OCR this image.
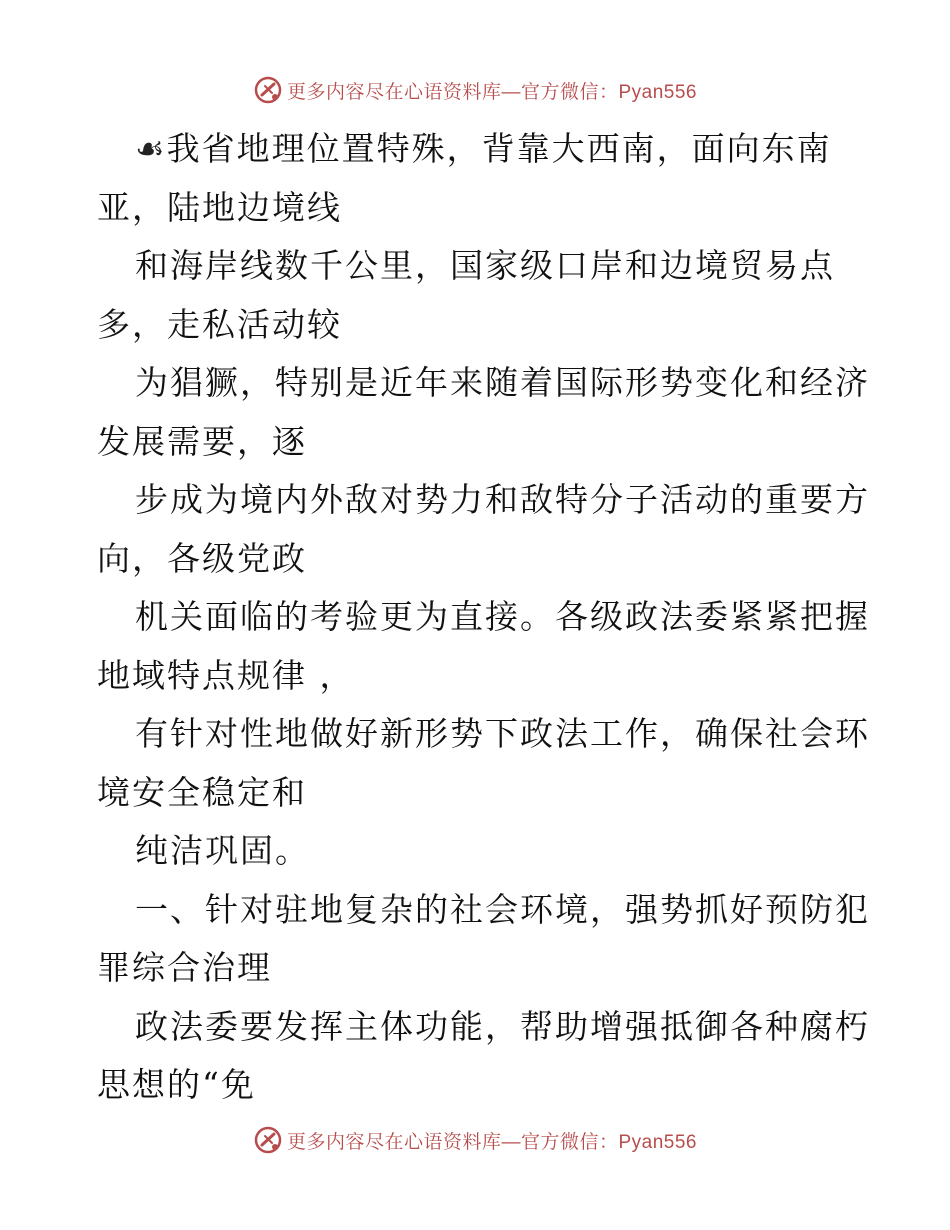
更多内容尽在心语资料库—官方微信：Pyan556
☙我省地理位置特殊，背靠大西南，面向东南
亚，陆地边境线
和海岸线数千公里，国家级口岸和边境贸易点
多，走私活动较
为猖獗，特别是近年来随着国际形势变化和经济
发展需要，逐
步成为境内外敌对势力和敌特分子活动的重要方
向，各级党政
机关面临的考验更为直接。各级政法委紧紧把握
地域特点规律 ，
有针对性地做好新形势下政法工作，确保社会环
境安全稳定和
纯洁巩固。
一、针对驻地复杂的社会环境，强势抓好预防犯
罪综合治理
政法委要发挥主体功能，帮助增强抵御各种腐朽
思想的“免
更多内容尽在心语资料库—官方微信：Pyan556
